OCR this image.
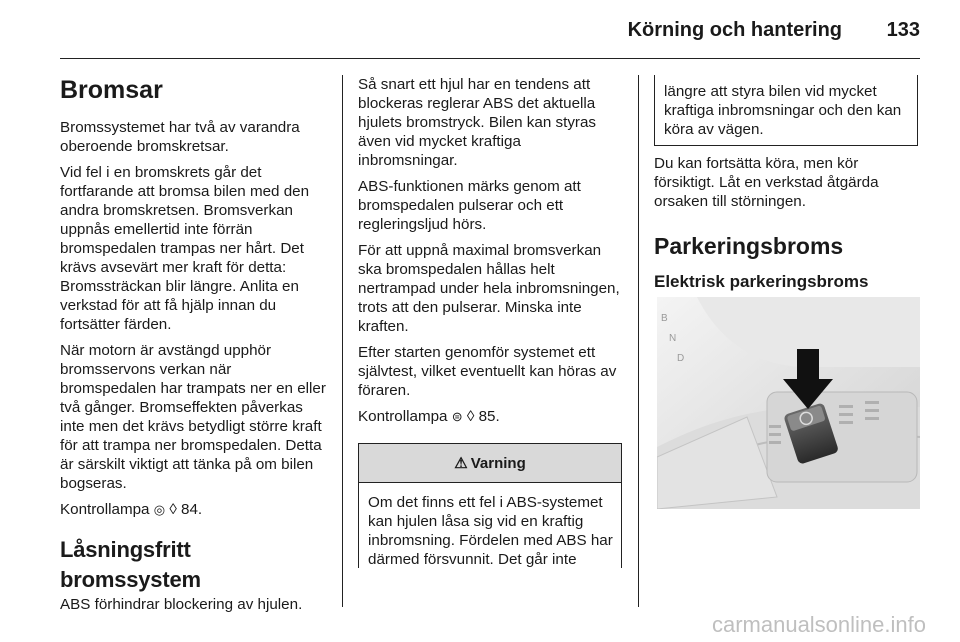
Körning och hantering 133
Bromsar

Bromssystemet har två av varandra oberoende bromskretsar.

Vid fel i en bromskrets går det fortfarande att bromsa bilen med den andra bromskretsen. Bromsverkan uppnås emellertid inte förrän bromspedalen trampas ner hårt. Det krävs avsevärt mer kraft för detta: Bromssträckan blir längre. Anlita en verkstad för att få hjälp innan du fortsätter färden.

När motorn är avstängd upphör bromsservons verkan när bromspedalen har trampats ner en eller två gånger. Bromseffekten påverkas inte men det krävs betydligt större kraft för att trampa ner bromspedalen. Detta är särskilt viktigt att tänka på om bilen bogseras.

Kontrollampa ◎ ◊ 84.

Låsningsfritt bromssystem

ABS förhindrar blockering av hjulen.

Så snart ett hjul har en tendens att blockeras reglerar ABS det aktuella hjulets bromstryck. Bilen kan styras även vid mycket kraftiga inbromsningar.

ABS-funktionen märks genom att bromspedalen pulserar och ett regleringsljud hörs.

För att uppnå maximal bromsverkan ska bromspedalen hållas helt nertrampad under hela inbromsningen, trots att den pulserar. Minska inte kraften.

Efter starten genomför systemet ett självtest, vilket eventuellt kan höras av föraren.

Kontrollampa ⊜ ◊ 85.

⚠ Varning
Om det finns ett fel i ABS-systemet kan hjulen låsa sig vid en kraftig inbromsning. Fördelen med ABS har därmed försvunnit. Det går inte
längre att styra bilen vid mycket kraftiga inbromsningar och den kan köra av vägen.

Du kan fortsätta köra, men kör försiktigt. Låt en verkstad åtgärda orsaken till störningen.

Parkeringsbroms
Elektrisk parkeringsbroms
B
N
D
carmanualsonline.info
